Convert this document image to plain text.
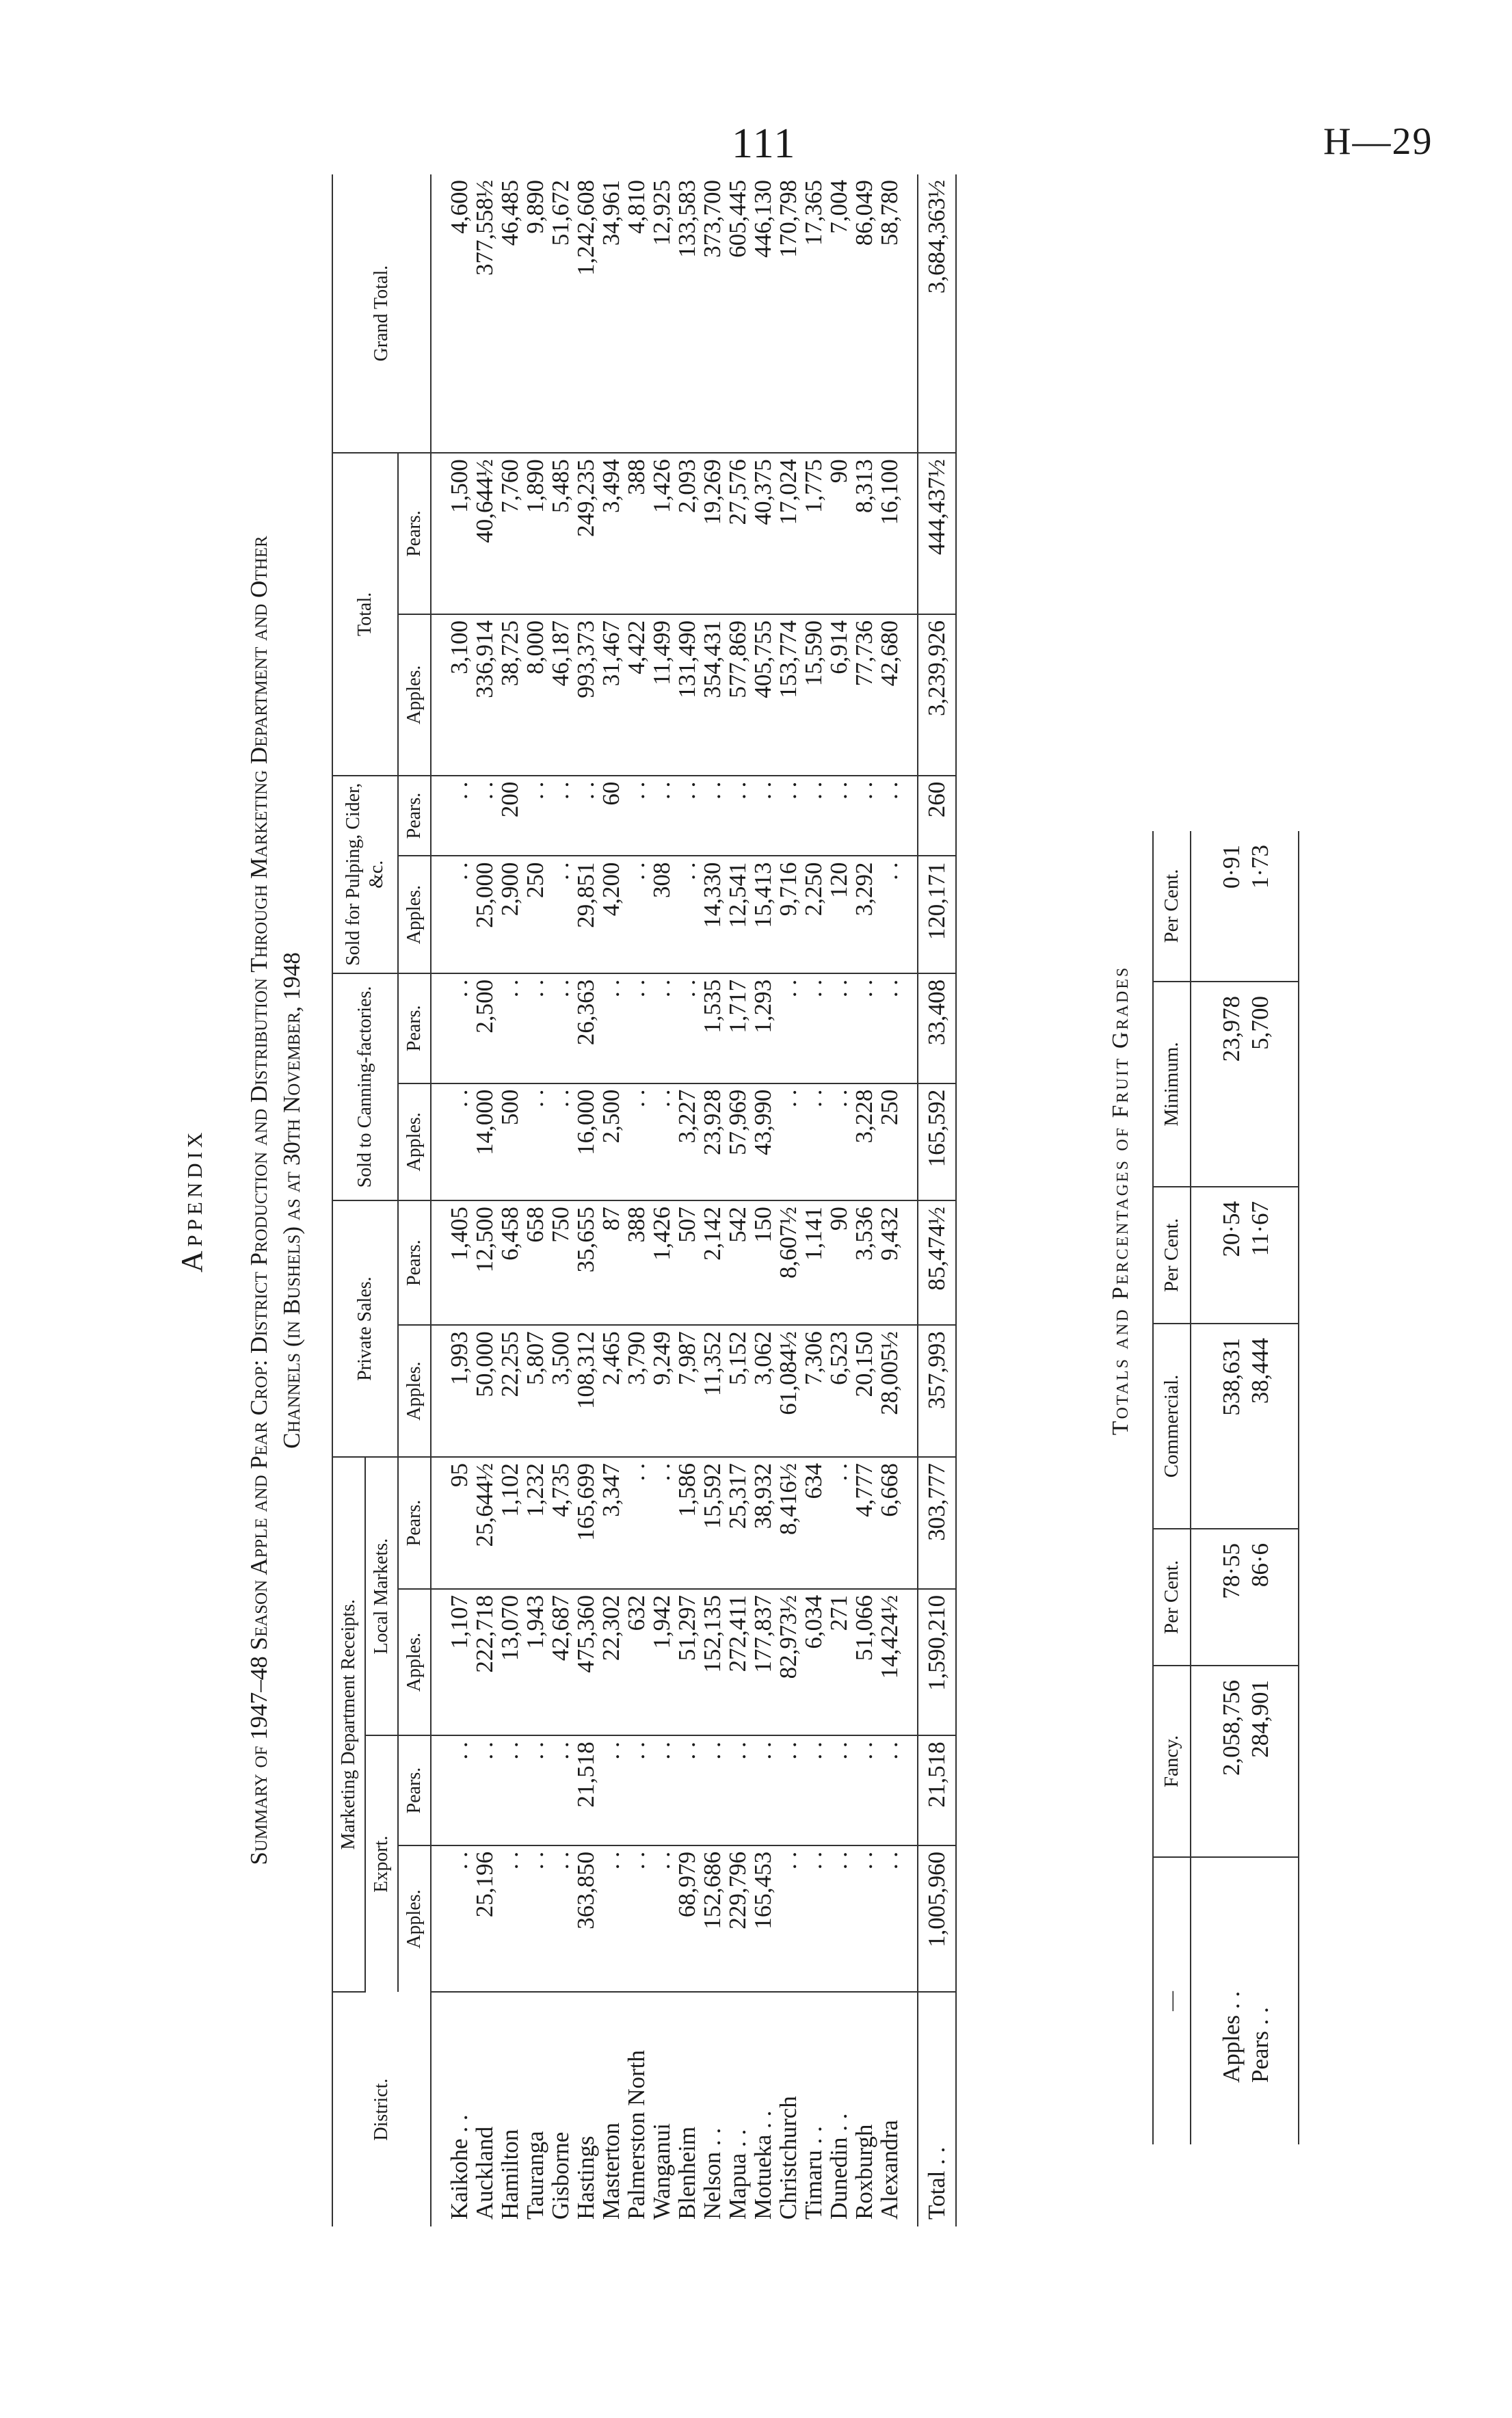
111	H—29
Appendix Summary of 1947–48 Season Apple and Pear Crop: District Production and Distribution Through Marketing Department and Other Channels (in Bushels) as at 30th November, 1948
District.	Marketing Department Receipts.				Private Sales.		Sold to Canning-factories.		Sold for Pulping, Cider, &c.		Total.		Grand Total.
	Export.		Local Markets.										
	Apples.	Pears.	Apples.	Pears.	Apples.	Pears.	Apples.	Pears.	Apples.	Pears.	Apples.	Pears.	
Kaikohe . .	. .	. .	1,107	95	1,993	1,405	. .	. .	. .	. .	3,100	1,500	4,600
Auckland	25,196	. .	222,718	25,644½	50,000	12,500	14,000	2,500	25,000	. .	336,914	40,644½	377,558½
Hamilton	. .	. .	13,070	1,102	22,255	6,458	500	. .	2,900	200	38,725	7,760	46,485
Tauranga	. .	. .	1,943	1,232	5,807	658	. .	. .	250	. .	8,000	1,890	9,890
Gisborne	. .	. .	42,687	4,735	3,500	750	. .	. .	. .	. .	46,187	5,485	51,672
Hastings	363,850	21,518	475,360	165,699	108,312	35,655	16,000	26,363	29,851	. .	993,373	249,235	1,242,608
Masterton	. .	. .	22,302	3,347	2,465	87	2,500	. .	4,200	60	31,467	3,494	34,961
Palmerston North	. .	. .	632	. .	3,790	388	. .	. .	. .	. .	4,422	388	4,810
Wanganui	. .	. .	1,942	. .	9,249	1,426	. .	. .	308	. .	11,499	1,426	12,925
Blenheim	68,979	. .	51,297	1,586	7,987	507	3,227	. .	. .	. .	131,490	2,093	133,583
Nelson . .	152,686	. .	152,135	15,592	11,352	2,142	23,928	1,535	14,330	. .	354,431	19,269	373,700
Mapua . .	229,796	. .	272,411	25,317	5,152	542	57,969	1,717	12,541	. .	577,869	27,576	605,445
Motueka . .	165,453	. .	177,837	38,932	3,062	150	43,990	1,293	15,413	. .	405,755	40,375	446,130
Christchurch	. .	. .	82,973½	8,416½	61,084½	8,607½	. .	. .	9,716	. .	153,774	17,024	170,798
Timaru . .	. .	. .	6,034	634	7,306	1,141	. .	. .	2,250	. .	15,590	1,775	17,365
Dunedin . .	. .	. .	271	. .	6,523	90	. .	. .	120	. .	6,914	90	7,004
Roxburgh	. .	. .	51,066	4,777	20,150	3,536	3,228	. .	3,292	. .	77,736	8,313	86,049
Alexandra	. .	. .	14,424½	6,668	28,005½	9,432	250	. .	. .	. .	42,680	16,100	58,780
Total . .	1,005,960	21,518	1,590,210	303,777	357,993	85,474½	165,592	33,408	120,171	260	3,239,926	444,437½	3,684,363½
Totals and Percentages of Fruit Grades
—	Fancy.	Per Cent.	Commercial.	Per Cent.	Minimum.	Per Cent.
Apples . .	2,058,756	78·55	538,631	20·54	23,978	0·91
Pears . .	284,901	86·6	38,444	11·67	5,700	1·73
